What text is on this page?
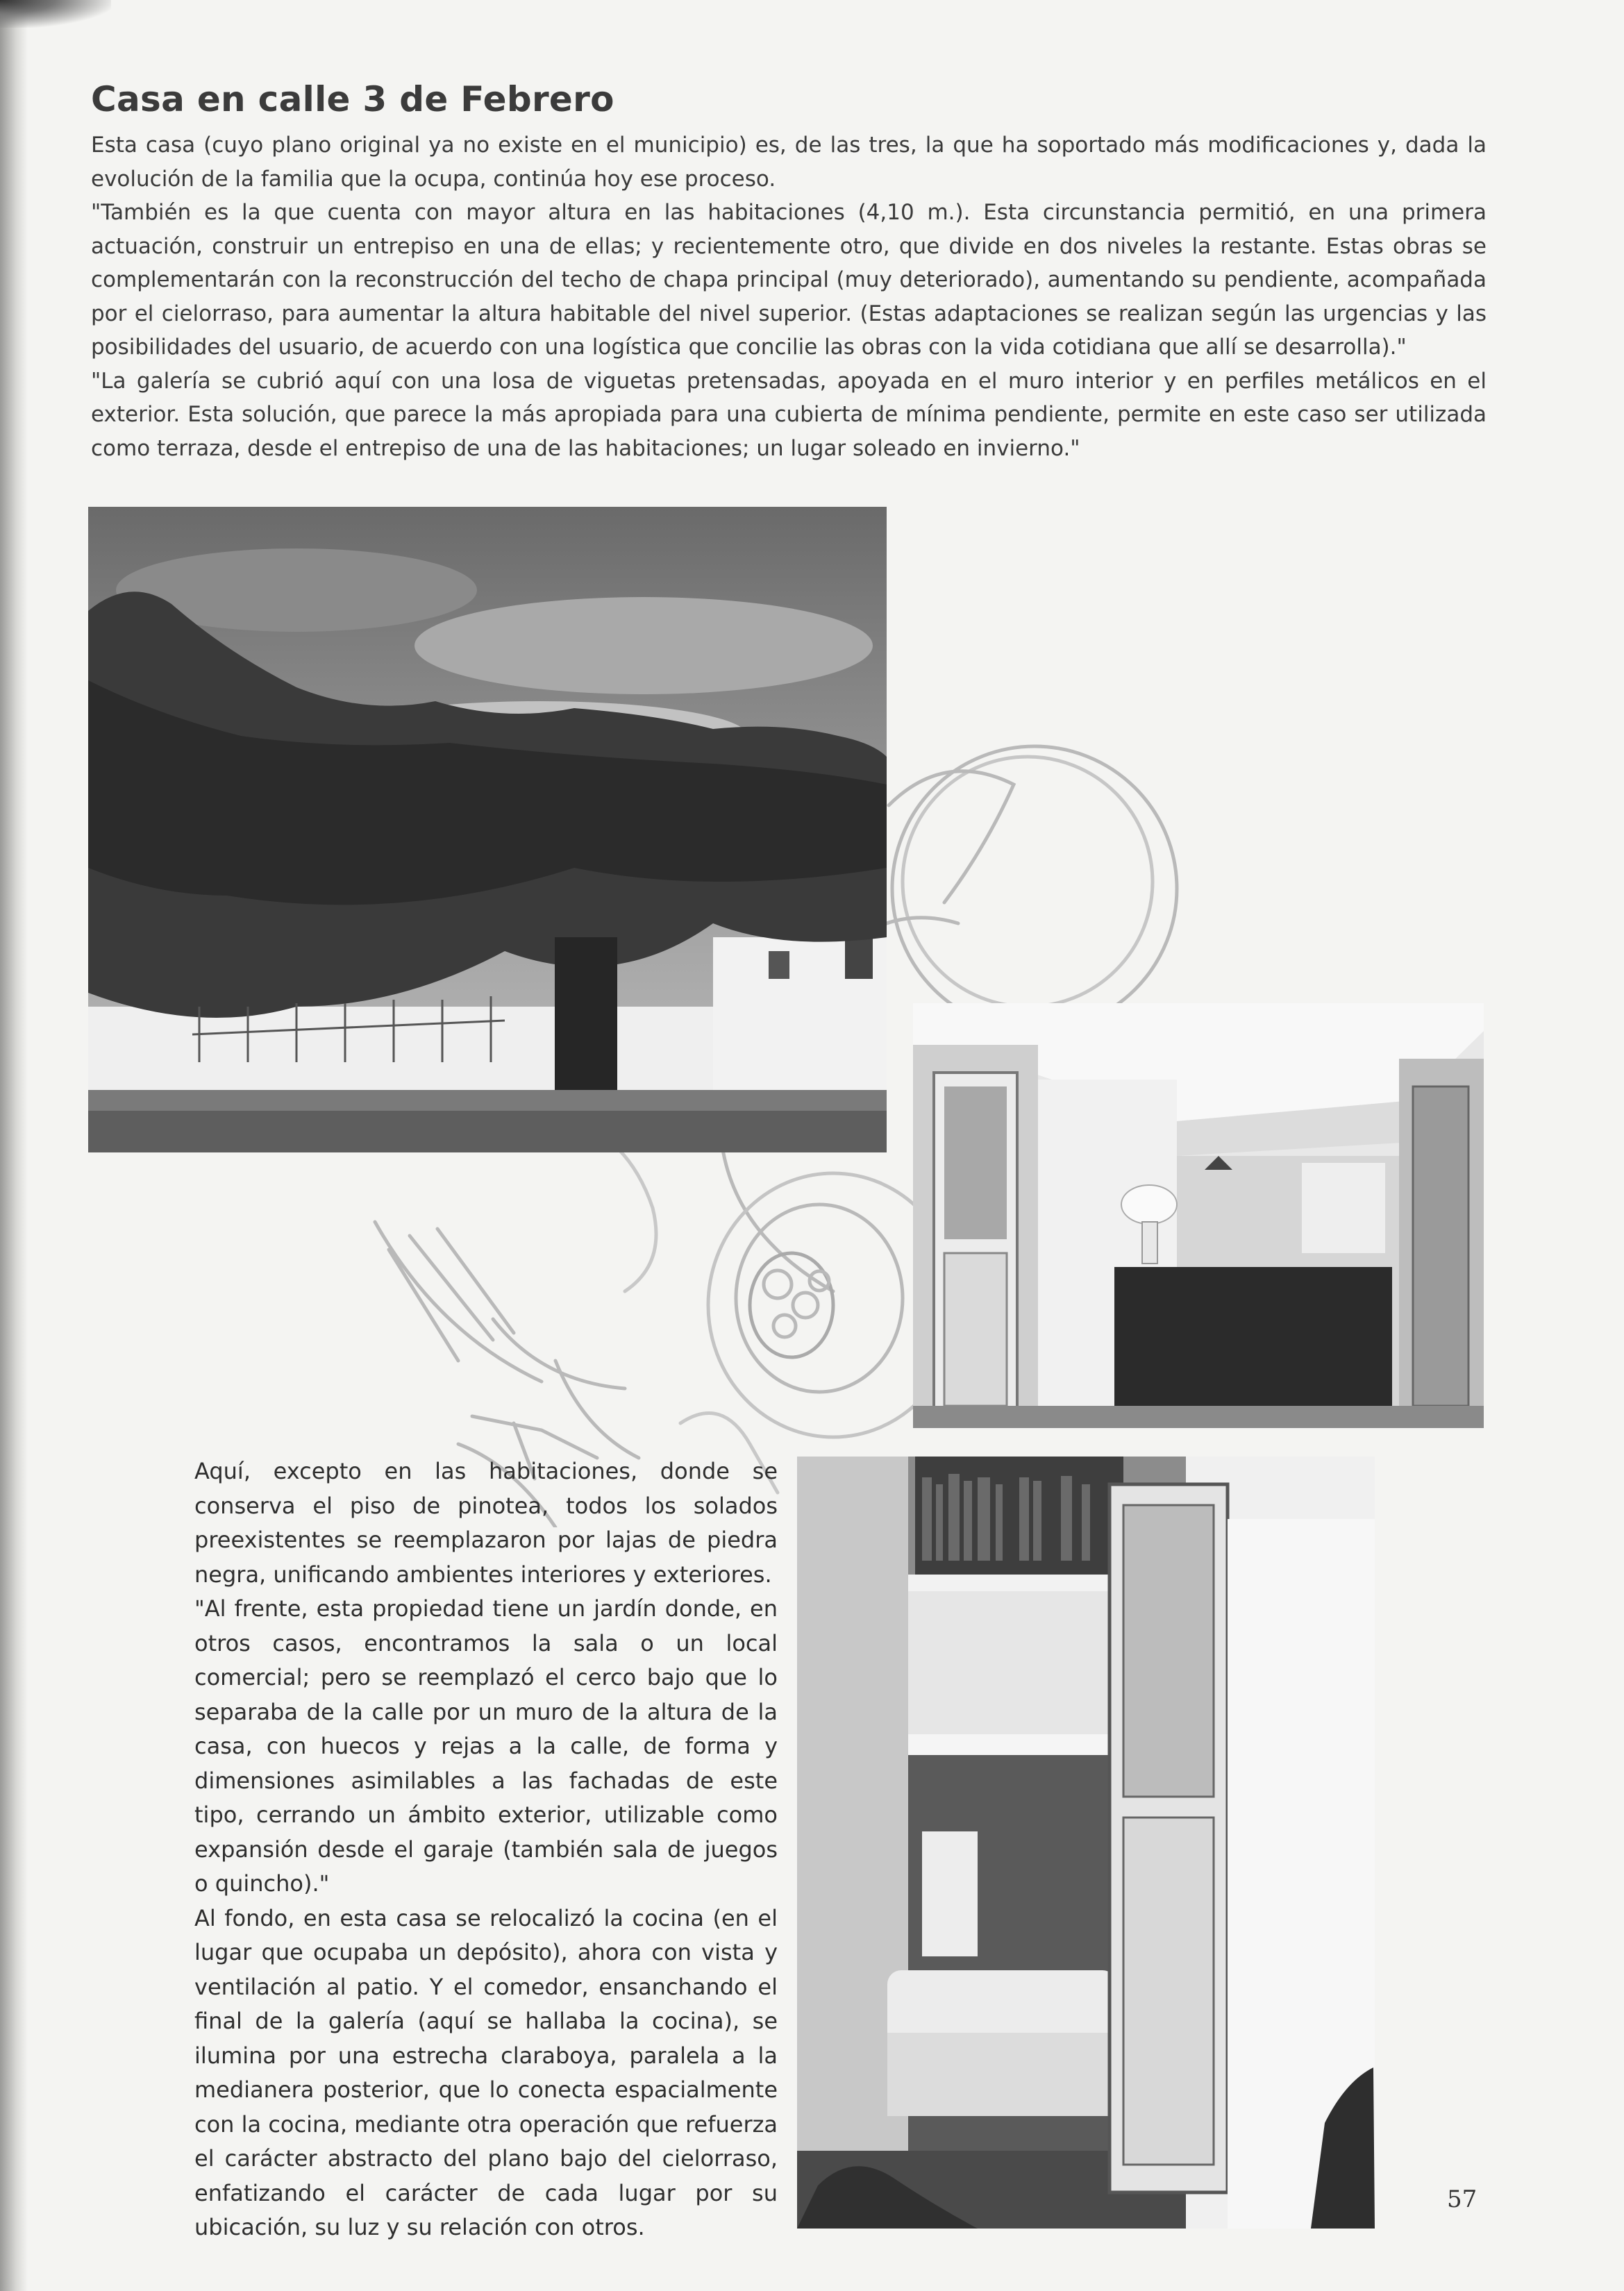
Casa en calle 3 de Febrero

Esta casa (cuyo plano original ya no existe en el municipio) es, de las tres, la que ha soportado más modificaciones y, dada la evolución de la familia que la ocupa, continúa hoy ese proceso.

"También es la que cuenta con mayor altura en las habitaciones (4,10 m.). Esta circunstancia permitió, en una primera actuación, construir un entrepiso en una de ellas; y recientemente otro, que divide en dos niveles la restante. Estas obras se complementarán con la reconstrucción del techo de chapa principal (muy deteriorado), aumentando su pendiente, acompañada por el cielorraso, para aumentar la altura habitable del nivel superior. (Estas adaptaciones se realizan según las urgencias y las posibilidades del usuario, de acuerdo con una logística que concilie las obras con la vida cotidiana que allí se desarrolla)."

"La galería se cubrió aquí con una losa de viguetas pretensadas, apoyada en el muro interior y en perfiles metálicos en el exterior. Esta solución, que parece la más apropiada para una cubierta de mínima pendiente, permite en este caso ser utilizada como terraza, desde el entrepiso de una de las habitaciones; un lugar soleado en invierno."

Aquí, excepto en las habitaciones, donde se conserva el piso de pinotea, todos los solados preexistentes se reemplazaron por lajas de piedra negra, unificando ambientes interiores y exteriores.

"Al frente, esta propiedad tiene un jardín donde, en otros casos, encontramos la sala o un local comercial; pero se reemplazó el cerco bajo que lo separaba de la calle por un muro de la altura de la casa, con huecos y rejas a la calle, de forma y dimensiones asimilables a las fachadas de este tipo, cerrando un ámbito exterior, utilizable como expansión desde el garaje (también sala de juegos o quincho)."

Al fondo, en esta casa se relocalizó la cocina (en el lugar que ocupaba un depósito), ahora con vista y ventilación al patio. Y el comedor, ensanchando el final de la galería (aquí se hallaba la cocina), se ilumina por una estrecha claraboya, paralela a la medianera posterior, que lo conecta espacialmente con la cocina, mediante otra operación que refuerza el carácter abstracto del plano bajo del cielorraso, enfatizando el carácter de cada lugar por su ubicación, su luz y su relación con otros.

57
